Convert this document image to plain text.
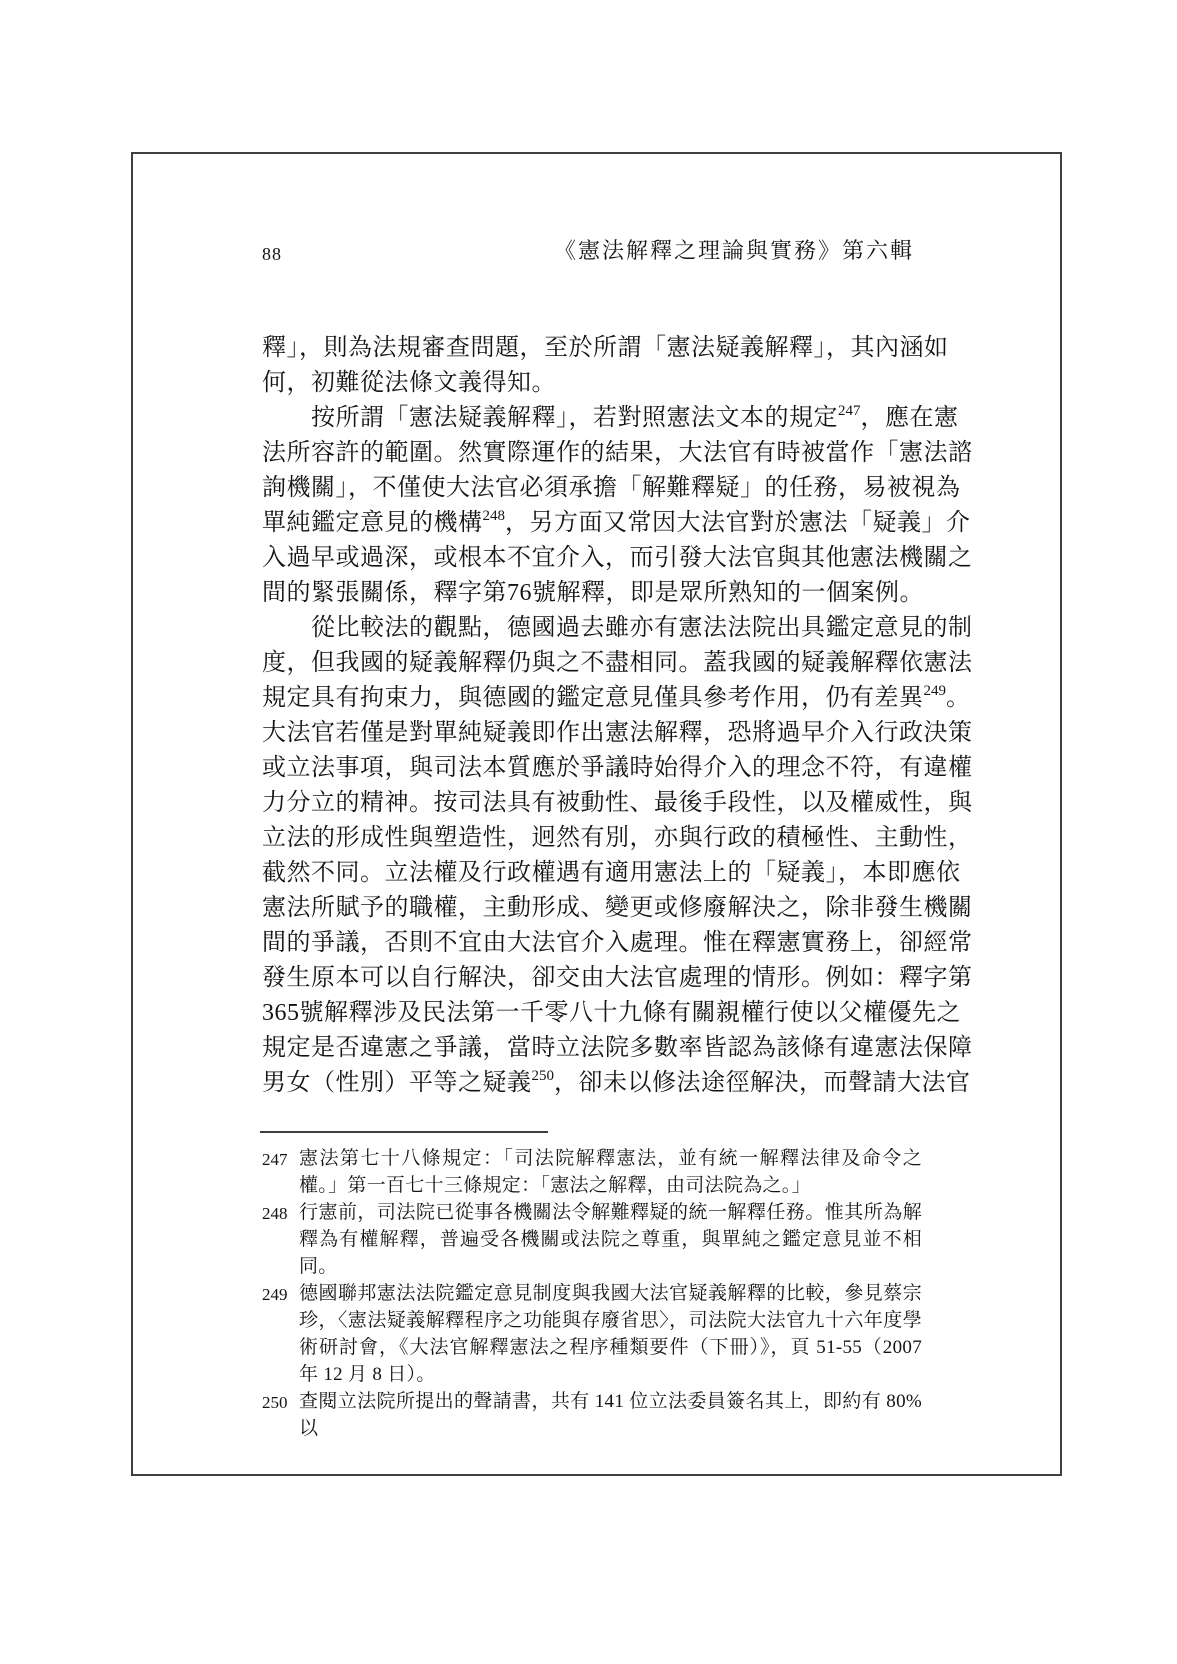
88	《憲法解釋之理論與實務》第六輯
釋」，則為法規審查問題，至於所謂「憲法疑義解釋」，其內涵如
何，初難從法條文義得知。
按所謂「憲法疑義解釋」，若對照憲法文本的規定$^{247}$，應在憲
法所容許的範圍。然實際運作的結果，大法官有時被當作「憲法諮
詢機關」，不僅使大法官必須承擔「解難釋疑」的任務，易被視為
單純鑑定意見的機構$^{248}$，另方面又常因大法官對於憲法「疑義」介
入過早或過深，或根本不宜介入，而引發大法官與其他憲法機關之
間的緊張關係，釋字第76號解釋，即是眾所熟知的一個案例。
從比較法的觀點，德國過去雖亦有憲法法院出具鑑定意見的制
度，但我國的疑義解釋仍與之不盡相同。蓋我國的疑義解釋依憲法
規定具有拘束力，與德國的鑑定意見僅具參考作用，仍有差異$^{249}$。
大法官若僅是對單純疑義即作出憲法解釋，恐將過早介入行政決策
或立法事項，與司法本質應於爭議時始得介入的理念不符，有違權
力分立的精神。按司法具有被動性、最後手段性，以及權威性，與
立法的形成性與塑造性，迥然有別，亦與行政的積極性、主動性，
截然不同。立法權及行政權遇有適用憲法上的「疑義」，本即應依
憲法所賦予的職權，主動形成、變更或修廢解決之，除非發生機關
間的爭議，否則不宜由大法官介入處理。惟在釋憲實務上，卻經常
發生原本可以自行解決，卻交由大法官處理的情形。例如：釋字第
365號解釋涉及民法第一千零八十九條有關親權行使以父權優先之
規定是否違憲之爭議，當時立法院多數率皆認為該條有違憲法保障
男女（性別）平等之疑義$^{250}$，卻未以修法途徑解決，而聲請大法官
247 憲法第七十八條規定：「司法院解釋憲法，並有統一解釋法律及命令之權。」第一百七十三條規定：「憲法之解釋，由司法院為之。」
248 行憲前，司法院已從事各機關法令解難釋疑的統一解釋任務。惟其所為解釋為有權解釋，普遍受各機關或法院之尊重，與單純之鑑定意見並不相同。
249 德國聯邦憲法法院鑑定意見制度與我國大法官疑義解釋的比較，參見蔡宗珍，〈憲法疑義解釋程序之功能與存廢省思〉，司法院大法官九十六年度學術研討會，《大法官解釋憲法之程序種類要件（下冊）》，頁 51-55（2007 年 12 月 8 日）。
250 查閱立法院所提出的聲請書，共有 141 位立法委員簽名其上，即約有 80%以
